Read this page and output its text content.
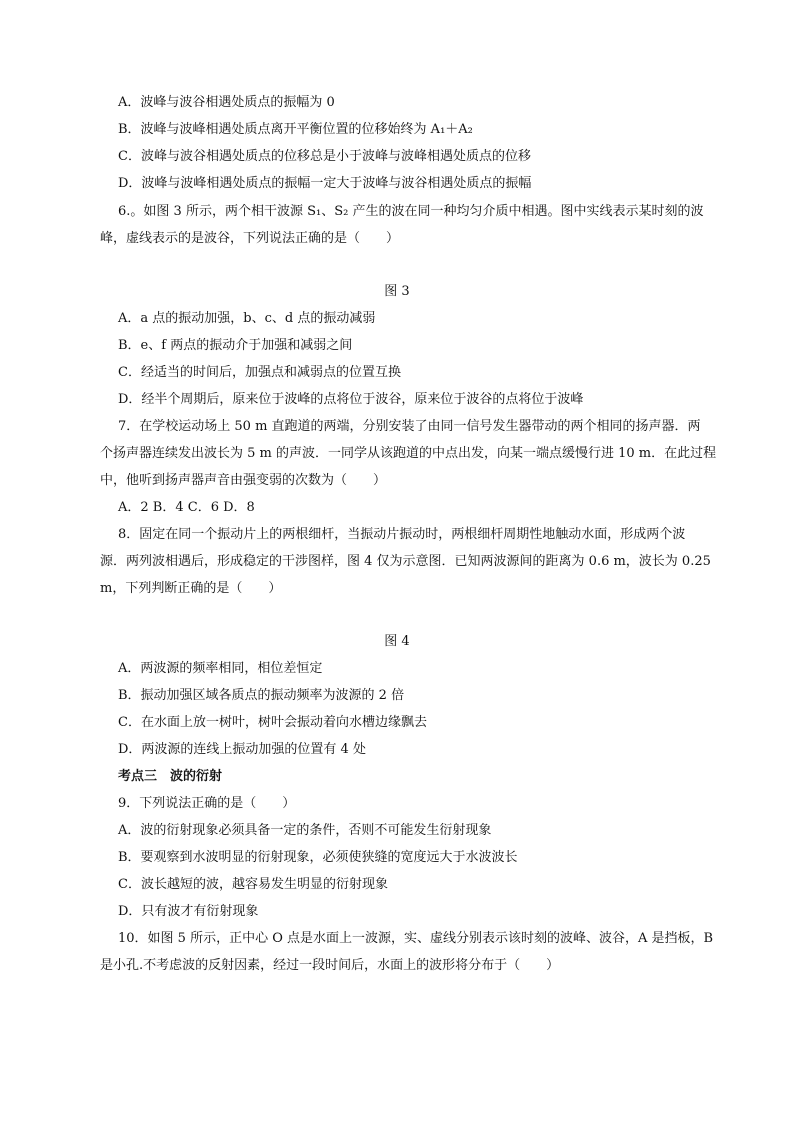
A．波峰与波谷相遇处质点的振幅为 0
B．波峰与波峰相遇处质点离开平衡位置的位移始终为 A₁＋A₂
C．波峰与波谷相遇处质点的位移总是小于波峰与波峰相遇处质点的位移
D．波峰与波峰相遇处质点的振幅一定大于波峰与波谷相遇处质点的振幅
6.。如图 3 所示，两个相干波源 S₁、S₂ 产生的波在同一种均匀介质中相遇。图中实线表示某时刻的波
峰，虚线表示的是波谷，下列说法正确的是（　　）
图 3
A．a 点的振动加强，b、c、d 点的振动减弱
B．e、f 两点的振动介于加强和减弱之间
C．经适当的时间后，加强点和减弱点的位置互换
D．经半个周期后，原来位于波峰的点将位于波谷，原来位于波谷的点将位于波峰
7．在学校运动场上 50 m 直跑道的两端，分别安装了由同一信号发生器带动的两个相同的扬声器．两
个扬声器连续发出波长为 5 m 的声波．一同学从该跑道的中点出发，向某一端点缓慢行进 10 m．在此过程
中，他听到扬声器声音由强变弱的次数为（　　）
A．2 B．4 C．6 D．8
8．固定在同一个振动片上的两根细杆，当振动片振动时，两根细杆周期性地触动水面，形成两个波
源．两列波相遇后，形成稳定的干涉图样，图 4 仅为示意图．已知两波源间的距离为 0.6 m，波长为 0.25
m，下列判断正确的是（　　）
图 4
A．两波源的频率相同，相位差恒定
B．振动加强区域各质点的振动频率为波源的 2 倍
C．在水面上放一树叶，树叶会振动着向水槽边缘飘去
D．两波源的连线上振动加强的位置有 4 处
考点三　波的衍射
9．下列说法正确的是（　　）
A．波的衍射现象必须具备一定的条件，否则不可能发生衍射现象
B．要观察到水波明显的衍射现象，必须使狭缝的宽度远大于水波波长
C．波长越短的波，越容易发生明显的衍射现象
D．只有波才有衍射现象
10．如图 5 所示，正中心 O 点是水面上一波源，实、虚线分别表示该时刻的波峰、波谷，A 是挡板，B
是小孔.不考虑波的反射因素，经过一段时间后，水面上的波形将分布于（　　）
